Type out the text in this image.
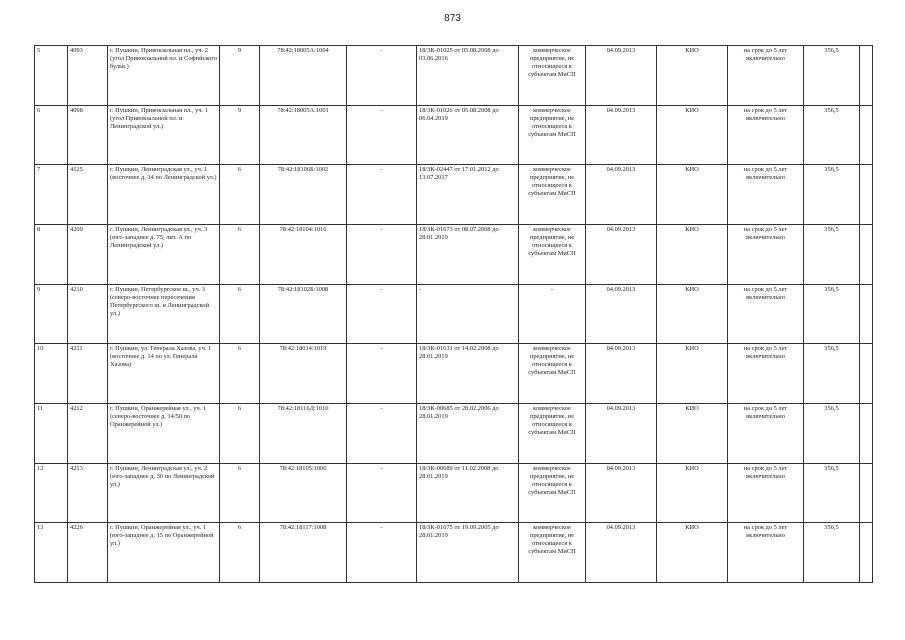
873
5	4093	г. Пушкин, Привокзальная пл., уч. 2 (угол Привокзальной пл. и Софийского бульв.)	9	78:42:18005А:1004	-	18/ЗК-01025 от 05.08.2008 до 03.06.2016	коммерческое предприятие, не относящееся к субъектам МиСП	04.09.2013	КИО	на срок до 5 лет включительно	356,5	
6	4098	г. Пушкин, Привокзальная пл., уч. 1 (угол Привокзальной пл. и Ленинградской ул.)	9	78:42:18005А:1001	-	18/ЗК-01026 от 05.08.2008 до 06.04.2019	коммерческое предприятие, не относящееся к субъектам МиСП	04.09.2013	КИО	на срок до 5 лет включительно	356,5	
7	4125	г. Пушкин, Ленинградская ул., уч. 1 (восточнее д. 34 по Ленинградской ул.)	6	78:42:18106Б:1002	-	18/ЗК-02447 от 17.01.2012 до 13.07.2017	коммерческое предприятие, не относящееся к субъектам МиСП	04.09.2013	КИО	на срок до 5 лет включительно	356,5	
8	4209	г. Пушкин, Ленинградская ул., уч. 3 (юго-западнее д. 75, лит. А по Ленинградской ул.)	6	78:42:18104:1016	-	18/ЗК-01673 от 08.07.2008 до 28.01.2019	коммерческое предприятие, не относящееся к субъектам МиСП	04.09.2013	КИО	на срок до 5 лет включительно	356,5	
9	4210	г. Пушкин, Петербургское ш., уч. 3 (северо-восточнее пересечения Петербургского ш. и Ленинградской ул.)	6	78:42:18102Б:1008	-	-	-	04.09.2013	КИО	на срок до 5 лет включительно	356,5	
10	4211	г. Пушкин, ул. Генерала Хазова, уч. 1 (восточнее д. 14 по ул. Генерала Хазова)	6	78:42:18014:1019	-	18/ЗК-01631 от 14.02.2008 до 28.01.2019	коммерческое предприятие, не относящееся к субъектам МиСП	04.09.2013	КИО	на срок до 5 лет включительно	356,5	
11	4212	г. Пушкин, Оранжерейная ул., уч. 1 (северо-восточнее д. 14/50 по Оранжерейной ул.)	6	78:42:18116Д:1010	-	18/ЗК-00685 от 28.02.2006 до 28.01.2019	коммерческое предприятие, не относящееся к субъектам МиСП	04.09.2013	КИО	на срок до 5 лет включительно	356,5	
12	4213	г. Пушкин, Ленинградская ул., уч. 2 (юго-западнее д. 30 по Ленинградской ул.)	6	78:42:18105:1006	-	18/ЗК-00689 от 11.02.2008 до 28.01.2019	коммерческое предприятие, не относящееся к субъектам МиСП	04.09.2013	КИО	на срок до 5 лет включительно	356,5	
13	4226	г. Пушкин, Оранжерейная ул., уч. 1 (юго-западнее д. 15 по Оранжерейной ул.)	6	78:42:18117:1008	-	18/ЗК-01675 от 19.09.2005 до 28.01.2019	коммерческое предприятие, не относящееся к субъектам МиСП	04.09.2013	КИО	на срок до 5 лет включительно	356,5	
